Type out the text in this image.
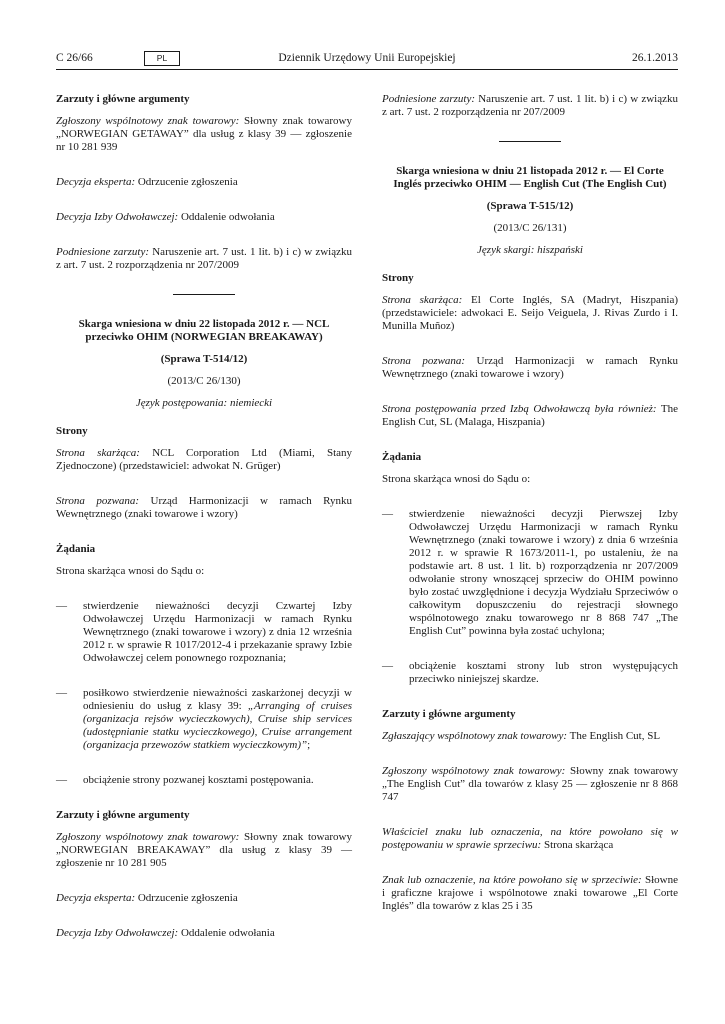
C 26/66	PL	Dziennik Urzędowy Unii Europejskiej	26.1.2013
Zarzuty i główne argumenty

Zgłoszony wspólnotowy znak towarowy: Słowny znak towarowy „NORWEGIAN GETAWAY” dla usług z klasy 39 — zgłoszenie nr 10 281 939

Decyzja eksperta: Odrzucenie zgłoszenia

Decyzja Izby Odwoławczej: Oddalenie odwołania

Podniesione zarzuty: Naruszenie art. 7 ust. 1 lit. b) i c) w związku z art. 7 ust. 2 rozporządzenia nr 207/2009

Skarga wniesiona w dniu 22 listopada 2012 r. — NCL przeciwko OHIM (NORWEGIAN BREAKAWAY)
(Sprawa T-514/12)
(2013/C 26/130)
Język postępowania: niemiecki
Strony

Strona skarżąca: NCL Corporation Ltd (Miami, Stany Zjednoczone) (przedstawiciel: adwokat N. Grüger)

Strona pozwana: Urząd Harmonizacji w ramach Rynku Wewnętrznego (znaki towarowe i wzory)

Żądania

Strona skarżąca wnosi do Sądu o:

—	stwierdzenie nieważności decyzji Czwartej Izby Odwoławczej Urzędu Harmonizacji w ramach Rynku Wewnętrznego (znaki towarowe i wzory) z dnia 12 września 2012 r. w sprawie R 1017/2012-4 i przekazanie sprawy Izbie Odwoławczej celem ponownego rozpoznania;
—	posiłkowo stwierdzenie nieważności zaskarżonej decyzji w odniesieniu do usług z klasy 39: „Arranging of cruises (organizacja rejsów wycieczkowych), Cruise ship services (udostępnianie statku wycieczkowego), Cruise arrangement (organizacja przewozów statkiem wycieczkowym)”;
—	obciążenie strony pozwanej kosztami postępowania.
Zarzuty i główne argumenty

Zgłoszony wspólnotowy znak towarowy: Słowny znak towarowy „NORWEGIAN BREAKAWAY” dla usług z klasy 39 — zgłoszenie nr 10 281 905

Decyzja eksperta: Odrzucenie zgłoszenia

Decyzja Izby Odwoławczej: Oddalenie odwołania

Podniesione zarzuty: Naruszenie art. 7 ust. 1 lit. b) i c) w związku z art. 7 ust. 2 rozporządzenia nr 207/2009

Skarga wniesiona w dniu 21 listopada 2012 r. — El Corte Inglés przeciwko OHIM — English Cut (The English Cut)
(Sprawa T-515/12)
(2013/C 26/131)
Język skargi: hiszpański
Strony

Strona skarżąca: El Corte Inglés, SA (Madryt, Hiszpania) (przedstawiciele: adwokaci E. Seijo Veiguela, J. Rivas Zurdo i I. Munilla Muñoz)

Strona pozwana: Urząd Harmonizacji w ramach Rynku Wewnętrznego (znaki towarowe i wzory)

Strona postępowania przed Izbą Odwoławczą była również: The English Cut, SL (Malaga, Hiszpania)

Żądania

Strona skarżąca wnosi do Sądu o:

—	stwierdzenie nieważności decyzji Pierwszej Izby Odwoławczej Urzędu Harmonizacji w ramach Rynku Wewnętrznego (znaki towarowe i wzory) z dnia 6 września 2012 r. w sprawie R 1673/2011-1, po ustaleniu, że na podstawie art. 8 ust. 1 lit. b) rozporządzenia nr 207/2009 odwołanie strony wnoszącej sprzeciw do OHIM powinno było zostać uwzględnione i decyzja Wydziału Sprzeciwów o całkowitym dopuszczeniu do rejestracji słownego wspólnotowego znaku towarowego nr 8 868 747 „The English Cut” powinna była zostać uchylona;
—	obciążenie kosztami strony lub stron występujących przeciwko niniejszej skardze.
Zarzuty i główne argumenty

Zgłaszający wspólnotowy znak towarowy: The English Cut, SL

Zgłoszony wspólnotowy znak towarowy: Słowny znak towarowy „The English Cut” dla towarów z klasy 25 — zgłoszenie nr 8 868 747

Właściciel znaku lub oznaczenia, na które powołano się w postępowaniu w sprawie sprzeciwu: Strona skarżąca

Znak lub oznaczenie, na które powołano się w sprzeciwie: Słowne i graficzne krajowe i wspólnotowe znaki towarowe „El Corte Inglés” dla towarów z klas 25 i 35
